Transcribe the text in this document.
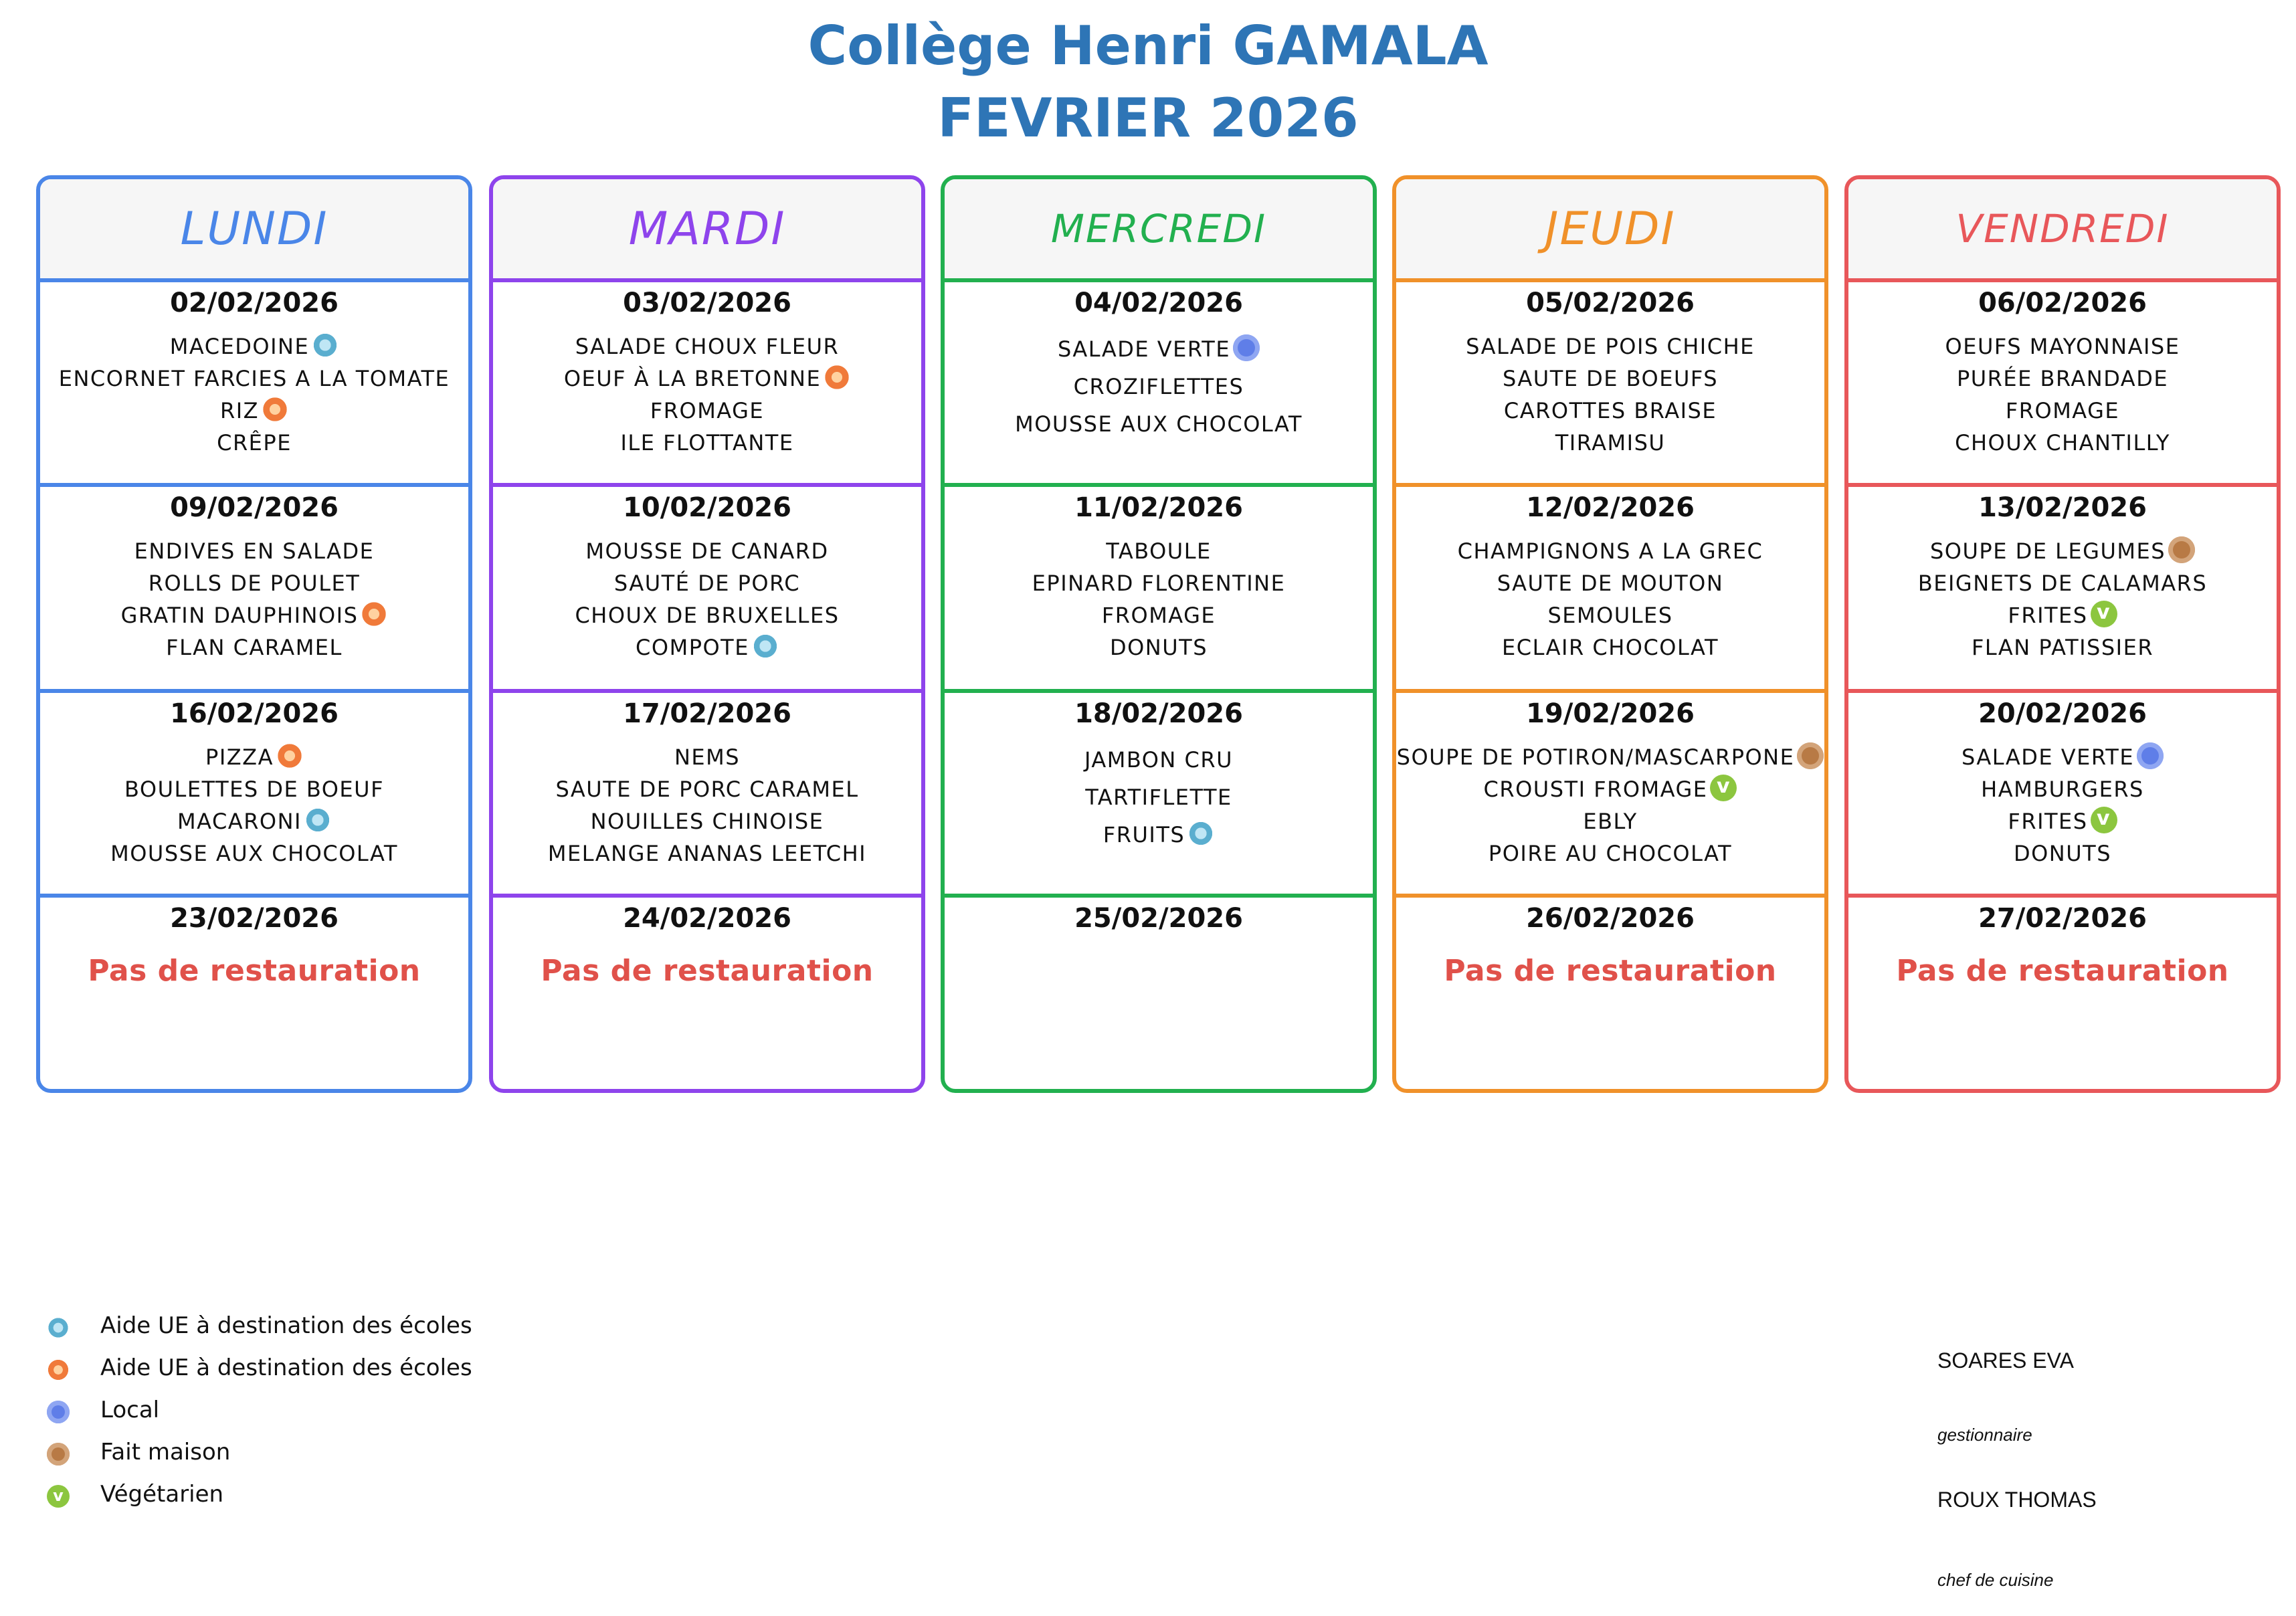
Collège Henri GAMALA
FEVRIER 2026
LUNDI
02/02/2026
MACEDOINE
ENCORNET FARCIES A LA TOMATE
RIZ
CRÊPE
09/02/2026
ENDIVES EN SALADE
ROLLS DE POULET
GRATIN DAUPHINOIS
FLAN CARAMEL
16/02/2026
PIZZA
BOULETTES DE BOEUF
MACARONI
MOUSSE AUX CHOCOLAT
23/02/2026
Pas de restauration
MARDI
03/02/2026
SALADE CHOUX FLEUR
OEUF À LA BRETONNE
FROMAGE
ILE FLOTTANTE
10/02/2026
MOUSSE DE CANARD
SAUTÉ DE PORC
CHOUX DE BRUXELLES
COMPOTE
17/02/2026
NEMS
SAUTE DE PORC CARAMEL
NOUILLES CHINOISE
MELANGE ANANAS LEETCHI
24/02/2026
Pas de restauration
MERCREDI
04/02/2026
SALADE VERTE
CROZIFLETTES
MOUSSE AUX CHOCOLAT
11/02/2026
TABOULE
EPINARD FLORENTINE
FROMAGE
DONUTS
18/02/2026
JAMBON CRU
TARTIFLETTE
FRUITS
25/02/2026
JEUDI
05/02/2026
SALADE DE POIS CHICHE
SAUTE DE BOEUFS
CAROTTES BRAISE
TIRAMISU
12/02/2026
CHAMPIGNONS A LA GREC
SAUTE DE MOUTON
SEMOULES
ECLAIR CHOCOLAT
19/02/2026
SOUPE DE POTIRON/MASCARPONE
CROUSTI FROMAGEv
EBLY
POIRE AU CHOCOLAT
26/02/2026
Pas de restauration
VENDREDI
06/02/2026
OEUFS MAYONNAISE
PURÉE BRANDADE
FROMAGE
CHOUX CHANTILLY
13/02/2026
SOUPE DE LEGUMES
BEIGNETS DE CALAMARS
FRITESv
FLAN PATISSIER
20/02/2026
SALADE VERTE
HAMBURGERS
FRITESv
DONUTS
27/02/2026
Pas de restauration
Aide UE à destination des écoles
Aide UE à destination des écoles
Local
Fait maison
v
Végétarien
SOARES EVA
gestionnaire
ROUX THOMAS
chef de cuisine
